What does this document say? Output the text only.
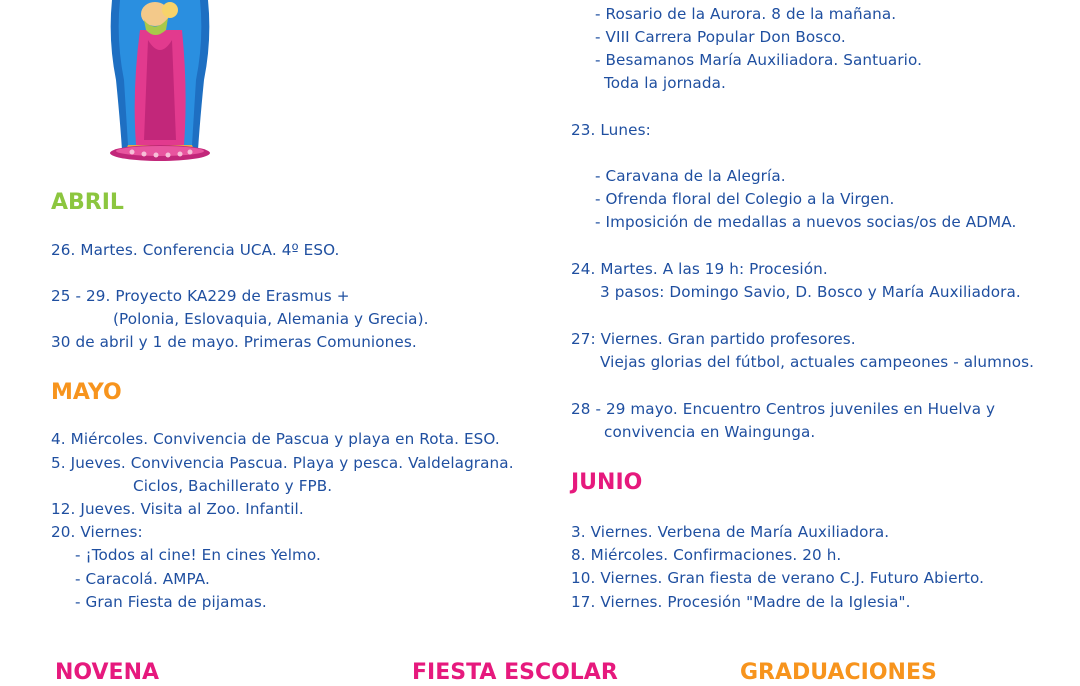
ABRIL
26. Martes. Conferencia UCA. 4º ESO.
25 - 29. Proyecto KA229 de Erasmus +
(Polonia, Eslovaquia, Alemania y Grecia).
30 de abril y 1 de mayo. Primeras Comuniones.
MAYO
4. Miércoles. Convivencia de Pascua y playa en Rota. ESO.
5. Jueves. Convivencia Pascua. Playa y pesca. Valdelagrana.
Ciclos, Bachillerato y FPB.
12. Jueves. Visita al Zoo. Infantil.
20. Viernes:
- ¡Todos al cine! En cines Yelmo.
- Caracolá. AMPA.
- Gran Fiesta de pijamas.
- Rosario de la Aurora. 8 de la mañana.
- VIII Carrera Popular Don Bosco.
- Besamanos María Auxiliadora. Santuario.
Toda la jornada.
23. Lunes:
- Caravana de la Alegría.
- Ofrenda floral del Colegio a la Virgen.
- Imposición de medallas a nuevos socias/os de ADMA.
24. Martes. A las 19 h: Procesión.
3 pasos: Domingo Savio, D. Bosco y María Auxiliadora.
27: Viernes. Gran partido profesores.
Viejas glorias del fútbol, actuales campeones - alumnos.
28 - 29 mayo. Encuentro Centros juveniles en Huelva y
convivencia en Waingunga.
JUNIO
3. Viernes. Verbena de María Auxiliadora.
8. Miércoles. Confirmaciones. 20 h.
10. Viernes. Gran fiesta de verano C.J. Futuro Abierto.
17. Viernes. Procesión "Madre de la Iglesia".
NOVENA	FIESTA ESCOLAR	GRADUACIONES
